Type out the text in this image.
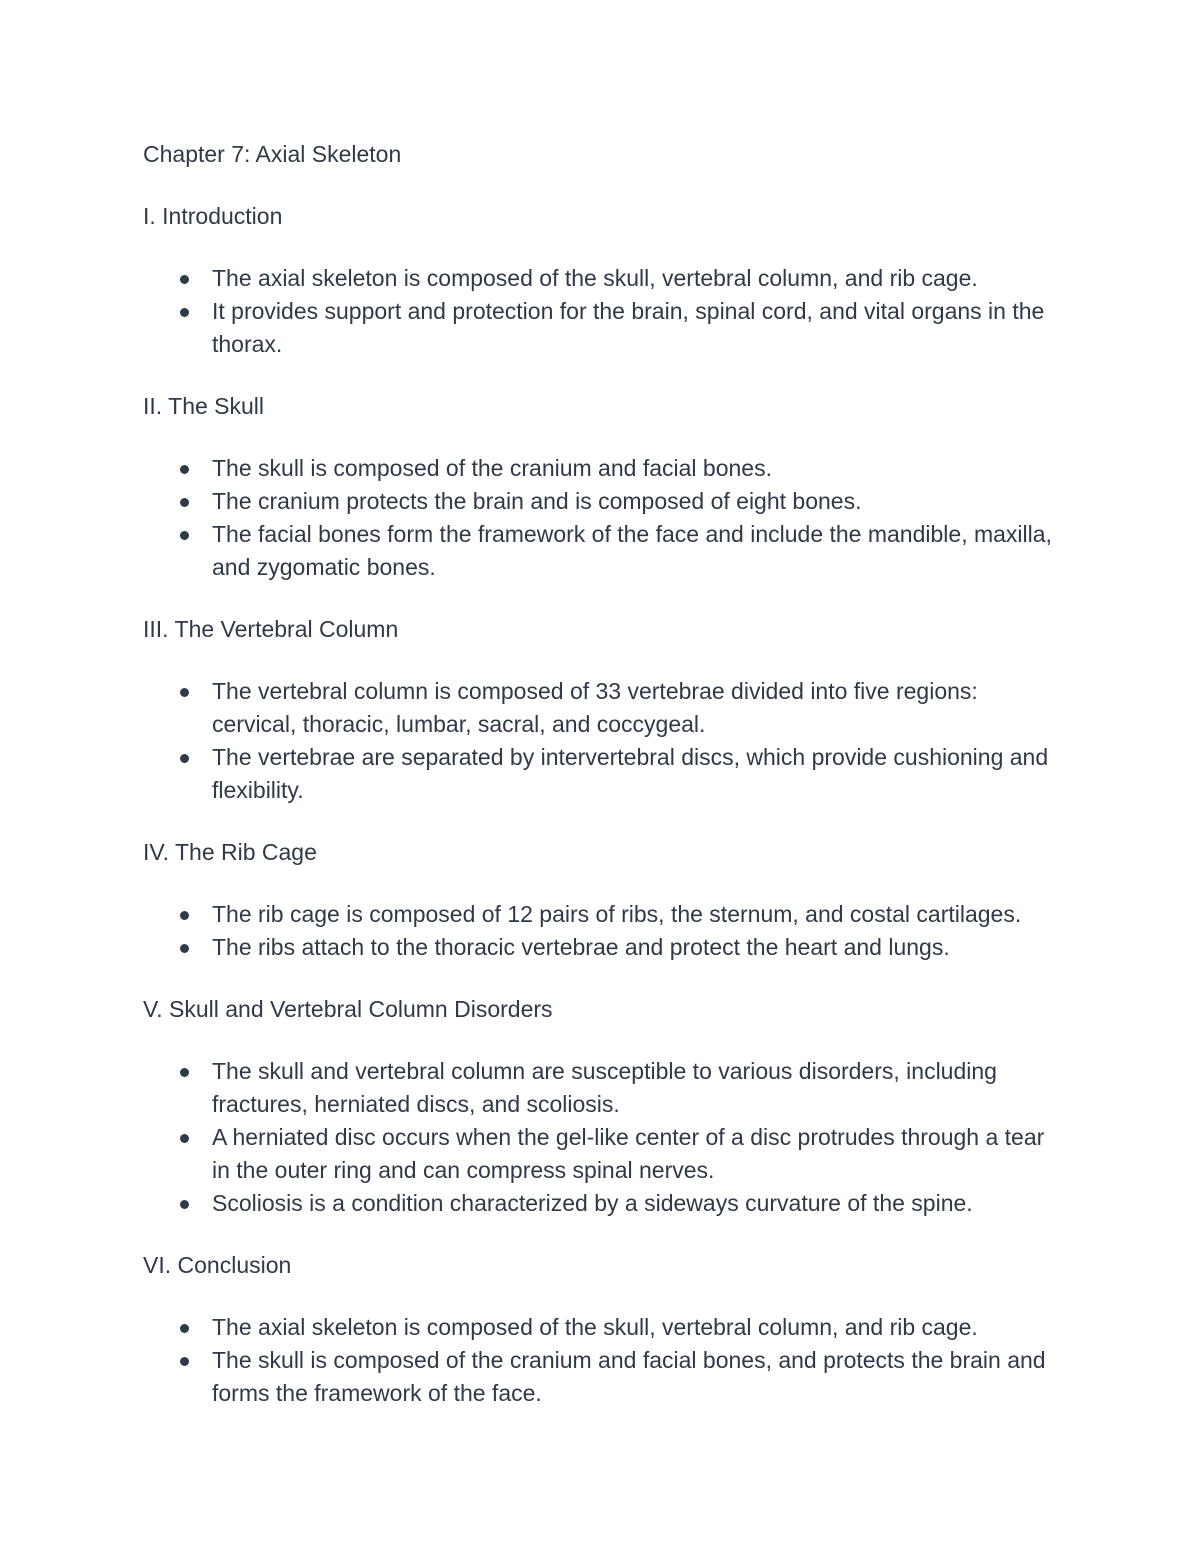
Chapter 7: Axial Skeleton
I. Introduction
The axial skeleton is composed of the skull, vertebral column, and rib cage.
It provides support and protection for the brain, spinal cord, and vital organs in the thorax.
II. The Skull
The skull is composed of the cranium and facial bones.
The cranium protects the brain and is composed of eight bones.
The facial bones form the framework of the face and include the mandible, maxilla, and zygomatic bones.
III. The Vertebral Column
The vertebral column is composed of 33 vertebrae divided into five regions: cervical, thoracic, lumbar, sacral, and coccygeal.
The vertebrae are separated by intervertebral discs, which provide cushioning and flexibility.
IV. The Rib Cage
The rib cage is composed of 12 pairs of ribs, the sternum, and costal cartilages.
The ribs attach to the thoracic vertebrae and protect the heart and lungs.
V. Skull and Vertebral Column Disorders
The skull and vertebral column are susceptible to various disorders, including fractures, herniated discs, and scoliosis.
A herniated disc occurs when the gel-like center of a disc protrudes through a tear in the outer ring and can compress spinal nerves.
Scoliosis is a condition characterized by a sideways curvature of the spine.
VI. Conclusion
The axial skeleton is composed of the skull, vertebral column, and rib cage.
The skull is composed of the cranium and facial bones, and protects the brain and forms the framework of the face.
